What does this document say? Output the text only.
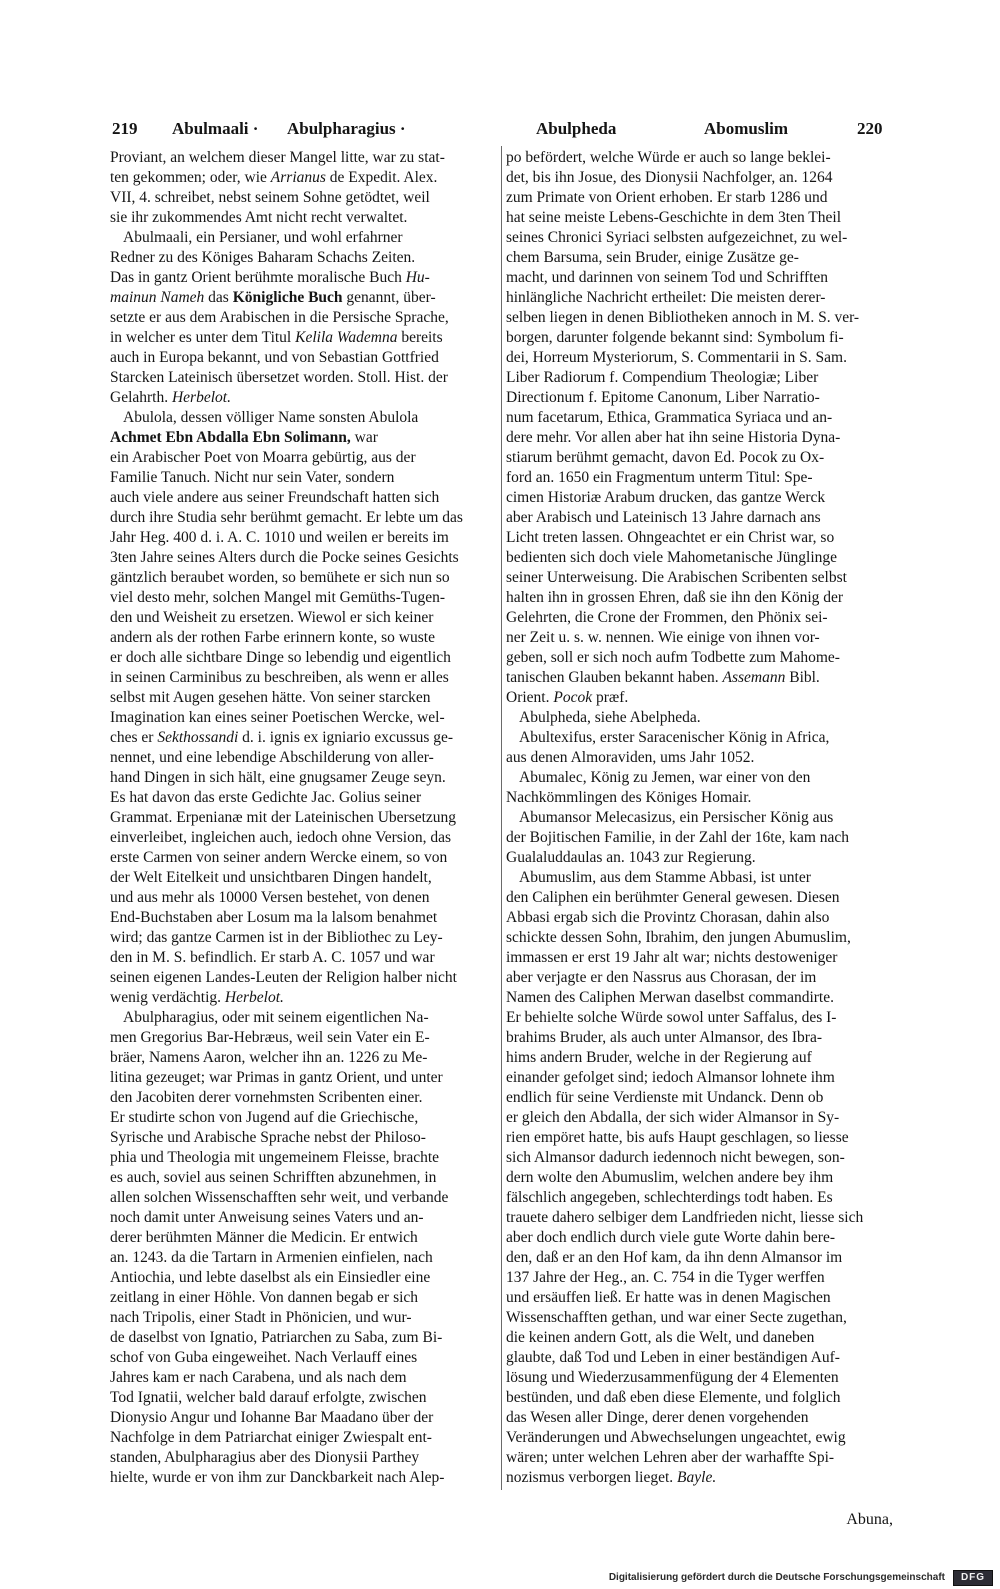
219 Abulmaali · Abulpharagius ·	Abulpheda	Abomuslim	220
Proviant, an welchem dieser Mangel litte, war zu stat-
ten gekommen; oder, wie Arrianus de Expedit. Alex.
VII, 4. schreibet, nebst seinem Sohne getödtet, weil
sie ihr zukommendes Amt nicht recht verwaltet.
Abulmaali, ein Persianer, und wohl erfahrner
Redner zu des Königes Baharam Schachs Zeiten.
Das in gantz Orient berühmte moralische Buch Hu-
mainun Nameh das Königliche Buch genannt, über-
setzte er aus dem Arabischen in die Persische Sprache,
in welcher es unter dem Titul Kelila Wademna bereits
auch in Europa bekannt, und von Sebastian Gottfried
Starcken Lateinisch übersetzet worden. Stoll. Hist. der
Gelahrth. Herbelot.
Abulola, dessen völliger Name sonsten Abulola
Achmet Ebn Abdalla Ebn Solimann, war
ein Arabischer Poet von Moarra gebürtig, aus der
Familie Tanuch. Nicht nur sein Vater, sondern
auch viele andere aus seiner Freundschaft hatten sich
durch ihre Studia sehr berühmt gemacht. Er lebte um das
Jahr Heg. 400 d. i. A. C. 1010 und weilen er bereits im
3ten Jahre seines Alters durch die Pocke seines Gesichts
gäntzlich beraubet worden, so bemühete er sich nun so
viel desto mehr, solchen Mangel mit Gemüths-Tugen-
den und Weisheit zu ersetzen. Wiewol er sich keiner
andern als der rothen Farbe erinnern konte, so wuste
er doch alle sichtbare Dinge so lebendig und eigentlich
in seinen Carminibus zu beschreiben, als wenn er alles
selbst mit Augen gesehen hätte. Von seiner starcken
Imagination kan eines seiner Poetischen Wercke, wel-
ches er Sekthossandi d. i. ignis ex igniario excussus ge-
nennet, und eine lebendige Abschilderung von aller-
hand Dingen in sich hält, eine gnugsamer Zeuge seyn.
Es hat davon das erste Gedichte Jac. Golius seiner
Grammat. Erpenianæ mit der Lateinischen Ubersetzung
einverleibet, ingleichen auch, iedoch ohne Version, das
erste Carmen von seiner andern Wercke einem, so von
der Welt Eitelkeit und unsichtbaren Dingen handelt,
und aus mehr als 10000 Versen bestehet, von denen
End-Buchstaben aber Losum ma la lalsom benahmet
wird; das gantze Carmen ist in der Bibliothec zu Ley-
den in M. S. befindlich. Er starb A. C. 1057 und war
seinen eigenen Landes-Leuten der Religion halber nicht
wenig verdächtig. Herbelot.
Abulpharagius, oder mit seinem eigentlichen Na-
men Gregorius Bar-Hebræus, weil sein Vater ein E-
bräer, Namens Aaron, welcher ihn an. 1226 zu Me-
litina gezeuget; war Primas in gantz Orient, und unter
den Jacobiten derer vornehmsten Scribenten einer.
Er studirte schon von Jugend auf die Griechische,
Syrische und Arabische Sprache nebst der Philoso-
phia und Theologia mit ungemeinem Fleisse, brachte
es auch, soviel aus seinen Schrifften abzunehmen, in
allen solchen Wissenschafften sehr weit, und verbande
noch damit unter Anweisung seines Vaters und an-
derer berühmten Männer die Medicin. Er entwich
an. 1243. da die Tartarn in Armenien einfielen, nach
Antiochia, und lebte daselbst als ein Einsiedler eine
zeitlang in einer Höhle. Von dannen begab er sich
nach Tripolis, einer Stadt in Phönicien, und wur-
de daselbst von Ignatio, Patriarchen zu Saba, zum Bi-
schof von Guba eingeweihet. Nach Verlauff eines
Jahres kam er nach Carabena, und als nach dem
Tod Ignatii, welcher bald darauf erfolgte, zwischen
Dionysio Angur und Iohanne Bar Maadano über der
Nachfolge in dem Patriarchat einiger Zwiespalt ent-
standen, Abulpharagius aber des Dionysii Parthey
hielte, wurde er von ihm zur Danckbarkeit nach Alep-
po befördert, welche Würde er auch so lange beklei-
det, bis ihn Josue, des Dionysii Nachfolger, an. 1264
zum Primate von Orient erhoben. Er starb 1286 und
hat seine meiste Lebens-Geschichte in dem 3ten Theil
seines Chronici Syriaci selbsten aufgezeichnet, zu wel-
chem Barsuma, sein Bruder, einige Zusätze ge-
macht, und darinnen von seinem Tod und Schrifften
hinlängliche Nachricht ertheilet: Die meisten derer-
selben liegen in denen Bibliotheken annoch in M. S. ver-
borgen, darunter folgende bekannt sind: Symbolum fi-
dei, Horreum Mysteriorum, S. Commentarii in S. Sam.
Liber Radiorum f. Compendium Theologiæ; Liber
Directionum f. Epitome Canonum, Liber Narratio-
num facetarum, Ethica, Grammatica Syriaca und an-
dere mehr. Vor allen aber hat ihn seine Historia Dyna-
stiarum berühmt gemacht, davon Ed. Pocok zu Ox-
ford an. 1650 ein Fragmentum unterm Titul: Spe-
cimen Historiæ Arabum drucken, das gantze Werck
aber Arabisch und Lateinisch 13 Jahre darnach ans
Licht treten lassen. Ohngeachtet er ein Christ war, so
bedienten sich doch viele Mahometanische Jünglinge
seiner Unterweisung. Die Arabischen Scribenten selbst
halten ihn in grossen Ehren, daß sie ihn den König der
Gelehrten, die Crone der Frommen, den Phönix sei-
ner Zeit u. s. w. nennen. Wie einige von ihnen vor-
geben, soll er sich noch aufm Todbette zum Mahome-
tanischen Glauben bekannt haben. Assemann Bibl.
Orient. Pocok præf.
Abulpheda, siehe Abelpheda.
Abultexifus, erster Saracenischer König in Africa,
aus denen Almoraviden, ums Jahr 1052.
Abumalec, König zu Jemen, war einer von den
Nachkömmlingen des Königes Homair.
Abumansor Melecasizus, ein Persischer König aus
der Bojitischen Familie, in der Zahl der 16te, kam nach
Gualaluddaulas an. 1043 zur Regierung.
Abumuslim, aus dem Stamme Abbasi, ist unter
den Caliphen ein berühmter General gewesen. Diesen
Abbasi ergab sich die Provintz Chorasan, dahin also
schickte dessen Sohn, Ibrahim, den jungen Abumuslim,
immassen er erst 19 Jahr alt war; nichts destoweniger
aber verjagte er den Nassrus aus Chorasan, der im
Namen des Caliphen Merwan daselbst commandirte.
Er behielte solche Würde sowol unter Saffalus, des I-
brahims Bruder, als auch unter Almansor, des Ibra-
hims andern Bruder, welche in der Regierung auf
einander gefolget sind; iedoch Almansor lohnete ihm
endlich für seine Verdienste mit Undanck. Denn ob
er gleich den Abdalla, der sich wider Almansor in Sy-
rien empöret hatte, bis aufs Haupt geschlagen, so liesse
sich Almansor dadurch iedennoch nicht bewegen, son-
dern wolte den Abumuslim, welchen andere bey ihm
fälschlich angegeben, schlechterdings todt haben. Es
trauete dahero selbiger dem Landfrieden nicht, liesse sich
aber doch endlich durch viele gute Worte dahin bere-
den, daß er an den Hof kam, da ihn denn Almansor im
137 Jahre der Heg., an. C. 754 in die Tyger werffen
und ersäuffen ließ. Er hatte was in denen Magischen
Wissenschafften gethan, und war einer Secte zugethan,
die keinen andern Gott, als die Welt, und daneben
glaubte, daß Tod und Leben in einer beständigen Auf-
lösung und Wiederzusammenfügung der 4 Elementen
bestünden, und daß eben diese Elemente, und folglich
das Wesen aller Dinge, derer denen vorgehenden
Veränderungen und Abwechselungen ungeachtet, ewig
wären; unter welchen Lehren aber der warhaffte Spi-
nozismus verborgen lieget. Bayle.
Abuna,
Digitalisierung gefördert durch die Deutsche Forschungsgemeinschaft	DFG
